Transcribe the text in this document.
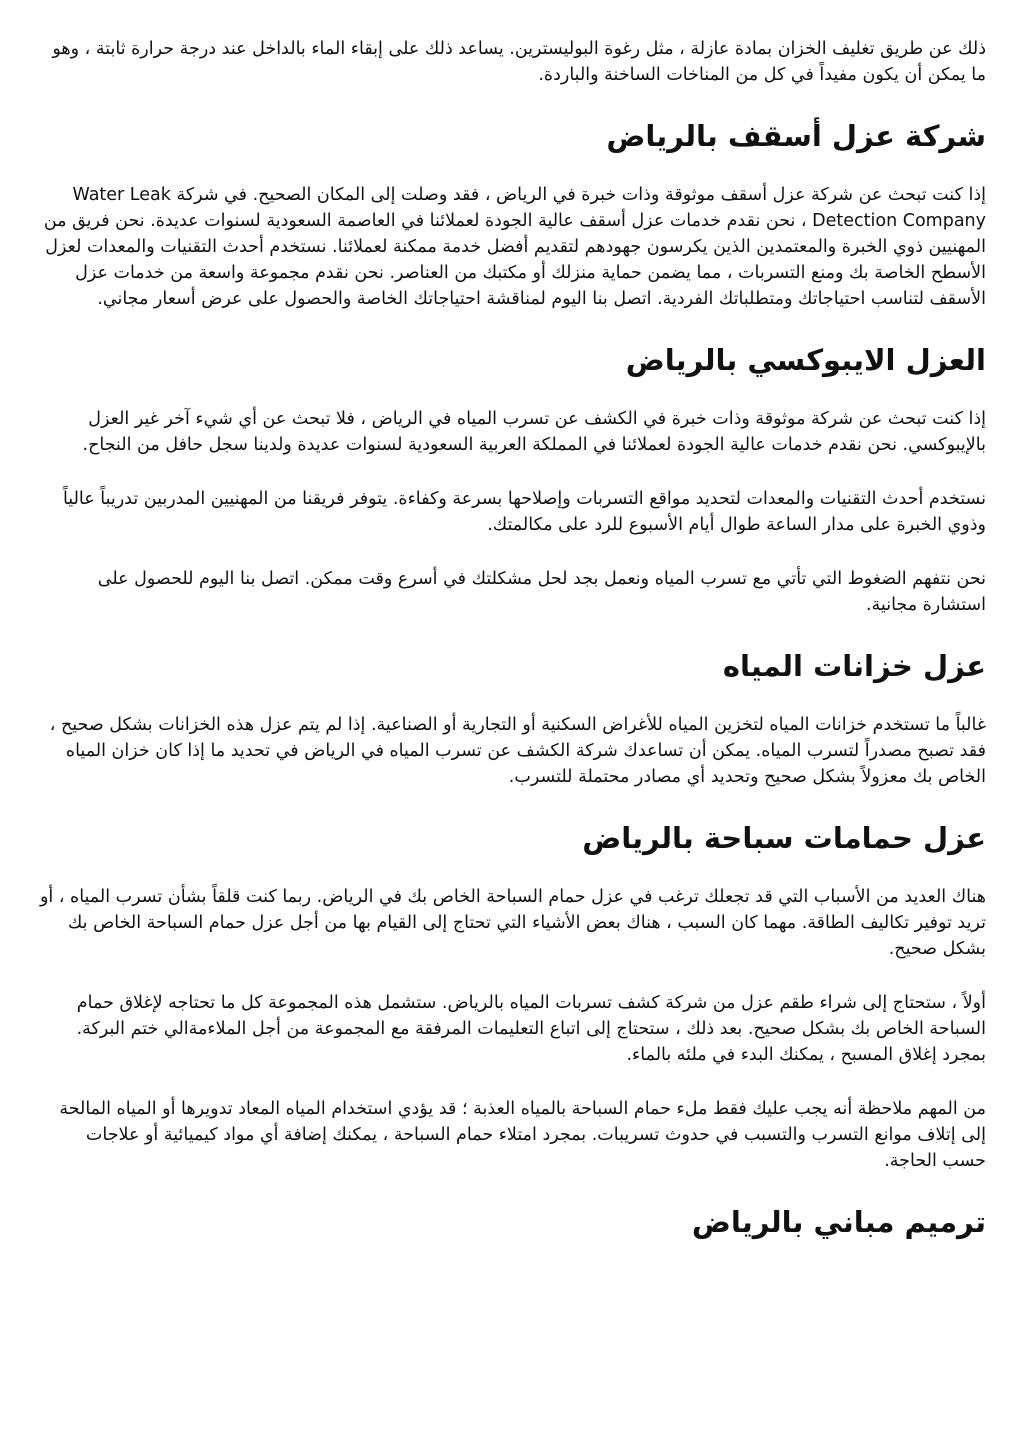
ذلك عن طريق تغليف الخزان بمادة عازلة ، مثل رغوة البوليسترين. يساعد ذلك على إبقاء الماء بالداخل عند درجة حرارة ثابتة ، وهو ما يمكن أن يكون مفيداً في كل من المناخات الساخنة والباردة.

شركة عزل أسقف بالرياض

إذا كنت تبحث عن شركة عزل أسقف موثوقة وذات خبرة في الرياض ، فقد وصلت إلى المكان الصحيح. في شركة Water Leak Detection Company ، نحن نقدم خدمات عزل أسقف عالية الجودة لعملائنا في العاصمة السعودية لسنوات عديدة. نحن فريق من المهنيين ذوي الخبرة والمعتمدين الذين يكرسون جهودهم لتقديم أفضل خدمة ممكنة لعملائنا. نستخدم أحدث التقنيات والمعدات لعزل الأسطح الخاصة بك ومنع التسربات ، مما يضمن حماية منزلك أو مكتبك من العناصر. نحن نقدم مجموعة واسعة من خدمات عزل الأسقف لتناسب احتياجاتك ومتطلباتك الفردية. اتصل بنا اليوم لمناقشة احتياجاتك الخاصة والحصول على عرض أسعار مجاني.

العزل الايبوكسي بالرياض

إذا كنت تبحث عن شركة موثوقة وذات خبرة في الكشف عن تسرب المياه في الرياض ، فلا تبحث عن أي شيء آخر غير العزل بالإيبوكسي. نحن نقدم خدمات عالية الجودة لعملائنا في المملكة العربية السعودية لسنوات عديدة ولدينا سجل حافل من النجاح.

نستخدم أحدث التقنيات والمعدات لتحديد مواقع التسربات وإصلاحها بسرعة وكفاءة. يتوفر فريقنا من المهنيين المدربين تدريباً عالياً وذوي الخبرة على مدار الساعة طوال أيام الأسبوع للرد على مكالمتك.

نحن نتفهم الضغوط التي تأتي مع تسرب المياه ونعمل بجد لحل مشكلتك في أسرع وقت ممكن. اتصل بنا اليوم للحصول على استشارة مجانية.

عزل خزانات المياه

غالباً ما تستخدم خزانات المياه لتخزين المياه للأغراض السكنية أو التجارية أو الصناعية. إذا لم يتم عزل هذه الخزانات بشكل صحيح ، فقد تصبح مصدراً لتسرب المياه. يمكن أن تساعدك شركة الكشف عن تسرب المياه في الرياض في تحديد ما إذا كان خزان المياه الخاص بك معزولاً بشكل صحيح وتحديد أي مصادر محتملة للتسرب.

عزل حمامات سباحة بالرياض

هناك العديد من الأسباب التي قد تجعلك ترغب في عزل حمام السباحة الخاص بك في الرياض. ربما كنت قلقاً بشأن تسرب المياه ، أو تريد توفير تكاليف الطاقة. مهما كان السبب ، هناك بعض الأشياء التي تحتاج إلى القيام بها من أجل عزل حمام السباحة الخاص بك بشكل صحيح.

أولاً ، ستحتاج إلى شراء طقم عزل من شركة كشف تسربات المياه بالرياض. ستشمل هذه المجموعة كل ما تحتاجه لإغلاق حمام السباحة الخاص بك بشكل صحيح. بعد ذلك ، ستحتاج إلى اتباع التعليمات المرفقة مع المجموعة من أجل الملاءمةالي ختم البركة. بمجرد إغلاق المسبح ، يمكنك البدء في ملئه بالماء.

من المهم ملاحظة أنه يجب عليك فقط ملء حمام السباحة بالمياه العذبة ؛ قد يؤدي استخدام المياه المعاد تدويرها أو المياه المالحة إلى إتلاف موانع التسرب والتسبب في حدوث تسريبات. بمجرد امتلاء حمام السباحة ، يمكنك إضافة أي مواد كيميائية أو علاجات حسب الحاجة.

ترميم مباني بالرياض
